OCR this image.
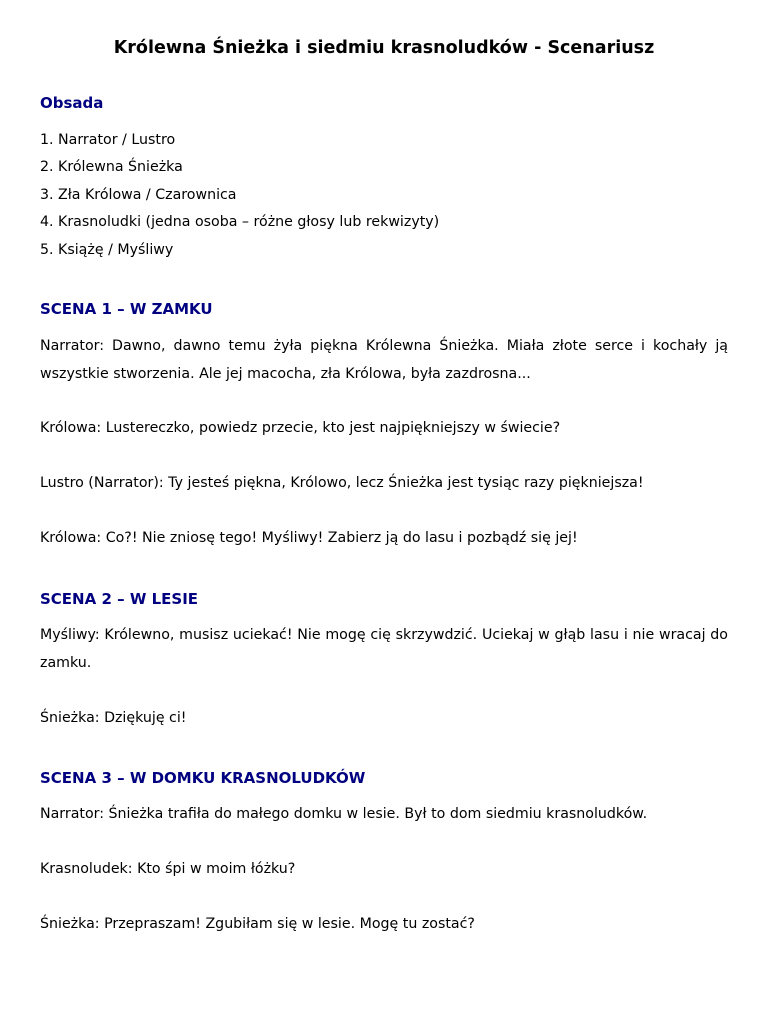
Królewna Śnieżka i siedmiu krasnoludków - Scenariusz
Obsada

1. Narrator / Lustro

2. Królewna Śnieżka

3. Zła Królowa / Czarownica

4. Krasnoludki (jedna osoba – różne głosy lub rekwizyty)

5. Książę / Myśliwy

SCENA 1 – W ZAMKU

Narrator: Dawno, dawno temu żyła piękna Królewna Śnieżka. Miała złote serce i kochały ją wszystkie stworzenia. Ale jej macocha, zła Królowa, była zazdrosna...

Królowa: Lustereczko, powiedz przecie, kto jest najpiękniejszy w świecie?

Lustro (Narrator): Ty jesteś piękna, Królowo, lecz Śnieżka jest tysiąc razy piękniejsza!

Królowa: Co?! Nie zniosę tego! Myśliwy! Zabierz ją do lasu i pozbądź się jej!

SCENA 2 – W LESIE

Myśliwy: Królewno, musisz uciekać! Nie mogę cię skrzywdzić. Uciekaj w głąb lasu i nie wracaj do zamku.

Śnieżka: Dziękuję ci!

SCENA 3 – W DOMKU KRASNOLUDKÓW

Narrator: Śnieżka trafiła do małego domku w lesie. Był to dom siedmiu krasnoludków.

Krasnoludek: Kto śpi w moim łóżku?

Śnieżka: Przepraszam! Zgubiłam się w lesie. Mogę tu zostać?
